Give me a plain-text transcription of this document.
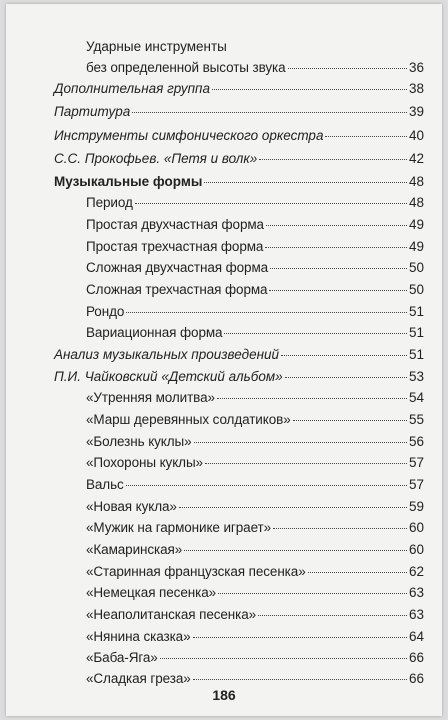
Ударные инструменты
без определенной высоты звука	36
Дополнительная группа	38
Партитура	39
Инструменты симфонического оркестра	40
С.С. Прокофьев. «Петя и волк»	42
Музыкальные формы	48
Период	48
Простая двухчастная форма	49
Простая трехчастная форма	49
Сложная двухчастная форма	50
Сложная трехчастная форма	50
Рондо	51
Вариационная форма	51
Анализ музыкальных произведений	51
П.И. Чайковский «Детский альбом»	53
«Утренняя молитва»	54
«Марш деревянных солдатиков»	55
«Болезнь куклы»	56
«Похороны куклы»	57
Вальс	57
«Новая кукла»	59
«Мужик на гармонике играет»	60
«Камаринская»	60
«Старинная французская песенка»	62
«Немецкая песенка»	63
«Неаполитанская песенка»	63
«Нянина сказка»	64
«Баба-Яга»	66
«Сладкая греза»	66
186
